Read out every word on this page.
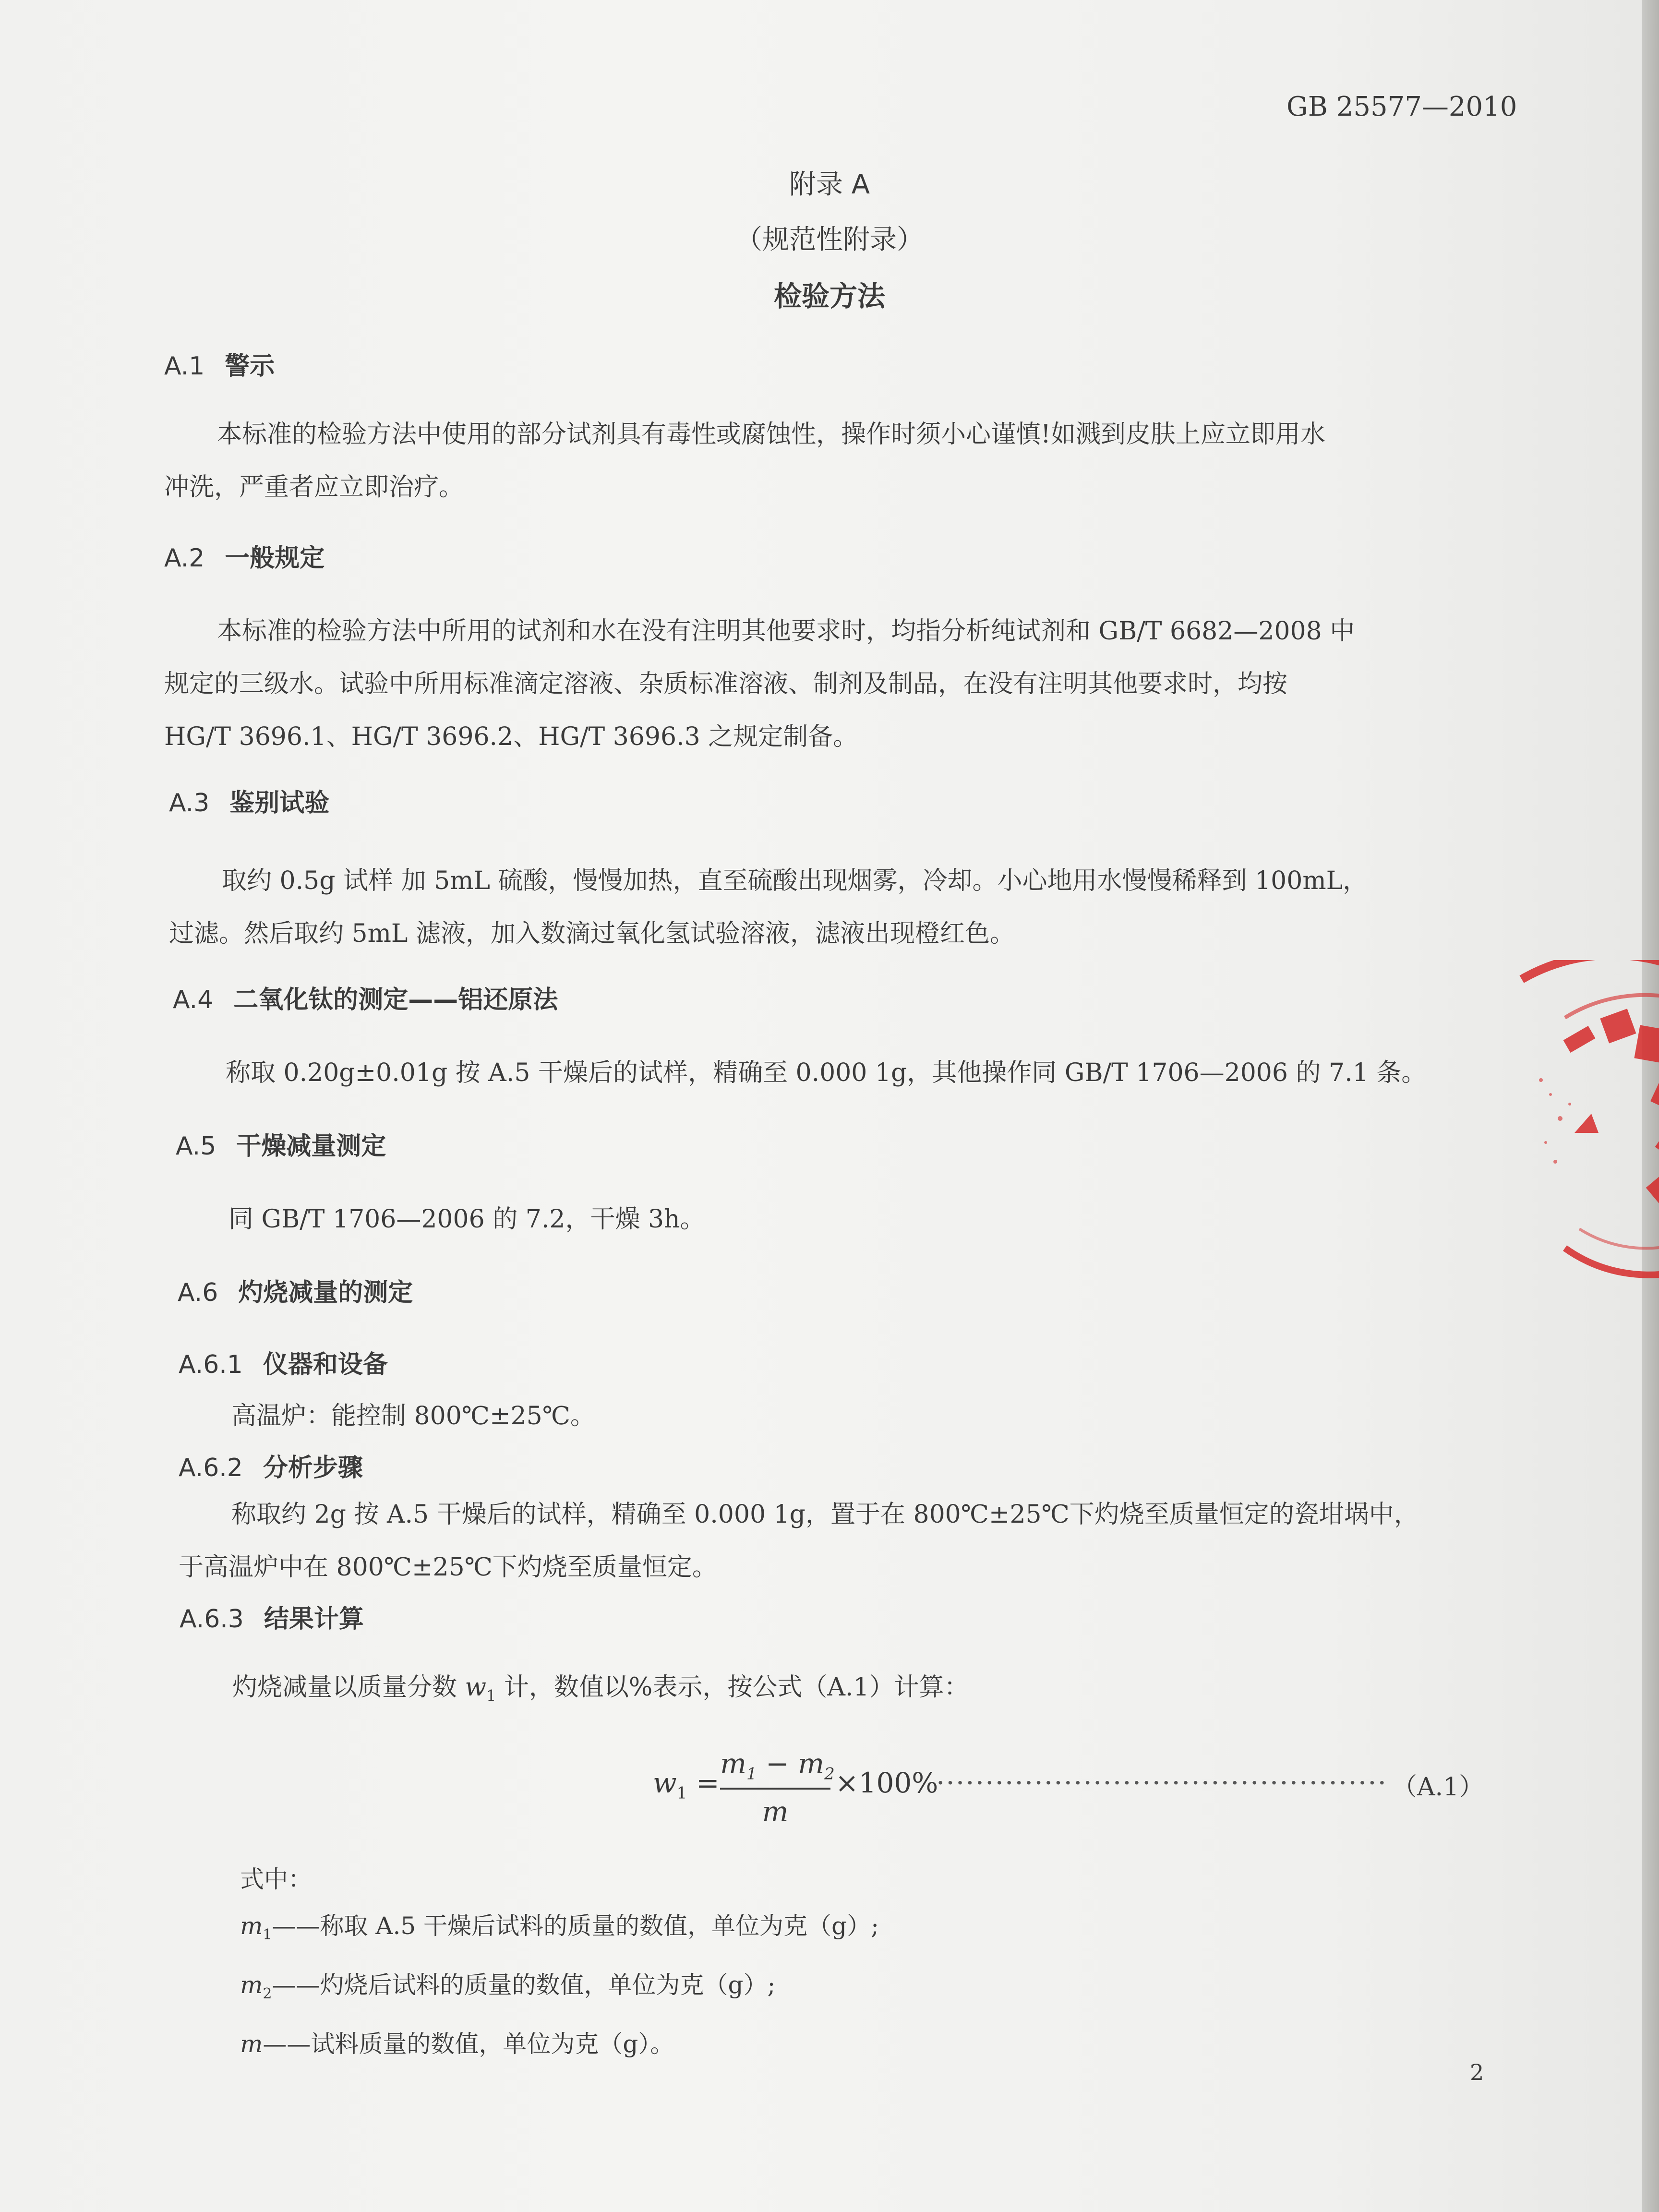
GB 25577—2010
附录 A
（规范性附录）
检验方法
A.1 警示
本标准的检验方法中使用的部分试剂具有毒性或腐蚀性，操作时须小心谨慎!如溅到皮肤上应立即用水
冲洗，严重者应立即治疗。
A.2 一般规定
本标准的检验方法中所用的试剂和水在没有注明其他要求时，均指分析纯试剂和 GB/T 6682—2008 中
规定的三级水。试验中所用标准滴定溶液、杂质标准溶液、制剂及制品，在没有注明其他要求时，均按
HG/T 3696.1、HG/T 3696.2、HG/T 3696.3 之规定制备。
A.3 鉴别试验
取约 0.5g 试样 加 5mL 硫酸，慢慢加热，直至硫酸出现烟雾，冷却。小心地用水慢慢稀释到 100mL，
过滤。然后取约 5mL 滤液，加入数滴过氧化氢试验溶液，滤液出现橙红色。
A.4 二氧化钛的测定——铝还原法
称取 0.20g±0.01g 按 A.5 干燥后的试样，精确至 0.000 1g，其他操作同 GB/T 1706—2006 的 7.1 条。
A.5 干燥减量测定
同 GB/T 1706—2006 的 7.2，干燥 3h。
A.6 灼烧减量的测定
A.6.1 仪器和设备
高温炉：能控制 800℃±25℃。
A.6.2 分析步骤
称取约 2g 按 A.5 干燥后的试样，精确至 0.000 1g，置于在 800℃±25℃下灼烧至质量恒定的瓷坩埚中，
于高温炉中在 800℃±25℃下灼烧至质量恒定。
A.6.3 结果计算
灼烧减量以质量分数 $w_1$ 计，数值以%表示，按公式（A.1）计算：
$w_1$ =
$m_1 - m_2$
m
×100%
·············································· （A.1）
式中：
$m_1——$称取 A.5 干燥后试料的质量的数值，单位为克（g）;
$m_2——$灼烧后试料的质量的数值，单位为克（g）;
m——试料质量的数值，单位为克（g）。
2
